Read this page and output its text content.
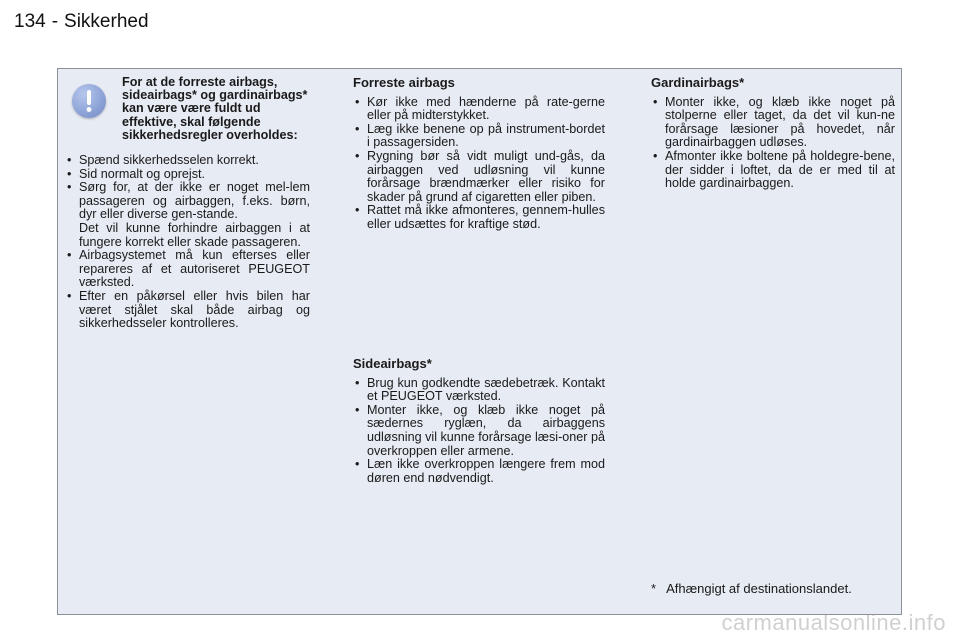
134 - Sikkerhed
For at de forreste airbags, sideairbags* og gardinairbags* kan være være fuldt ud effektive, skal følgende sikkerhedsregler overholdes:
• Spænd sikkerhedsselen korrekt.
• Sid normalt og oprejst.
• Sørg for, at der ikke er noget mel-lem passageren og airbaggen, f.eks. børn, dyr eller diverse gen-stande.
Det vil kunne forhindre airbaggen i at fungere korrekt eller skade passageren.
• Airbagsystemet må kun efterses eller repareres af et autoriseret PEUGEOT værksted.
• Efter en påkørsel eller hvis bilen har været stjålet skal både airbag og sikkerhedsseler kontrolleres.
Forreste airbags
• Kør ikke med hænderne på rate-gerne eller på midterstykket.
• Læg ikke benene op på instrument-bordet i passagersiden.
• Rygning bør så vidt muligt und-gås, da airbaggen ved udløsning vil kunne forårsage brændmærker eller risiko for skader på grund af cigaretten eller piben.
• Rattet må ikke afmonteres, gennem-hulles eller udsættes for kraftige stød.
Sideairbags*
• Brug kun godkendte sædebetræk. Kontakt et PEUGEOT værksted.
• Monter ikke, og klæb ikke noget på sædernes ryglæn, da airbaggens udløsning vil kunne forårsage læsi-oner på overkroppen eller armene.
• Læn ikke overkroppen længere frem mod døren end nødvendigt.
Gardinairbags*
• Monter ikke, og klæb ikke noget på stolperne eller taget, da det vil kun-ne forårsage læsioner på hovedet, når gardinairbaggen udløses.
• Afmonter ikke boltene på holdegre-bene, der sidder i loftet, da de er med til at holde gardinairbaggen.
* Afhængigt af destinationslandet.
carmanualsonline.info
